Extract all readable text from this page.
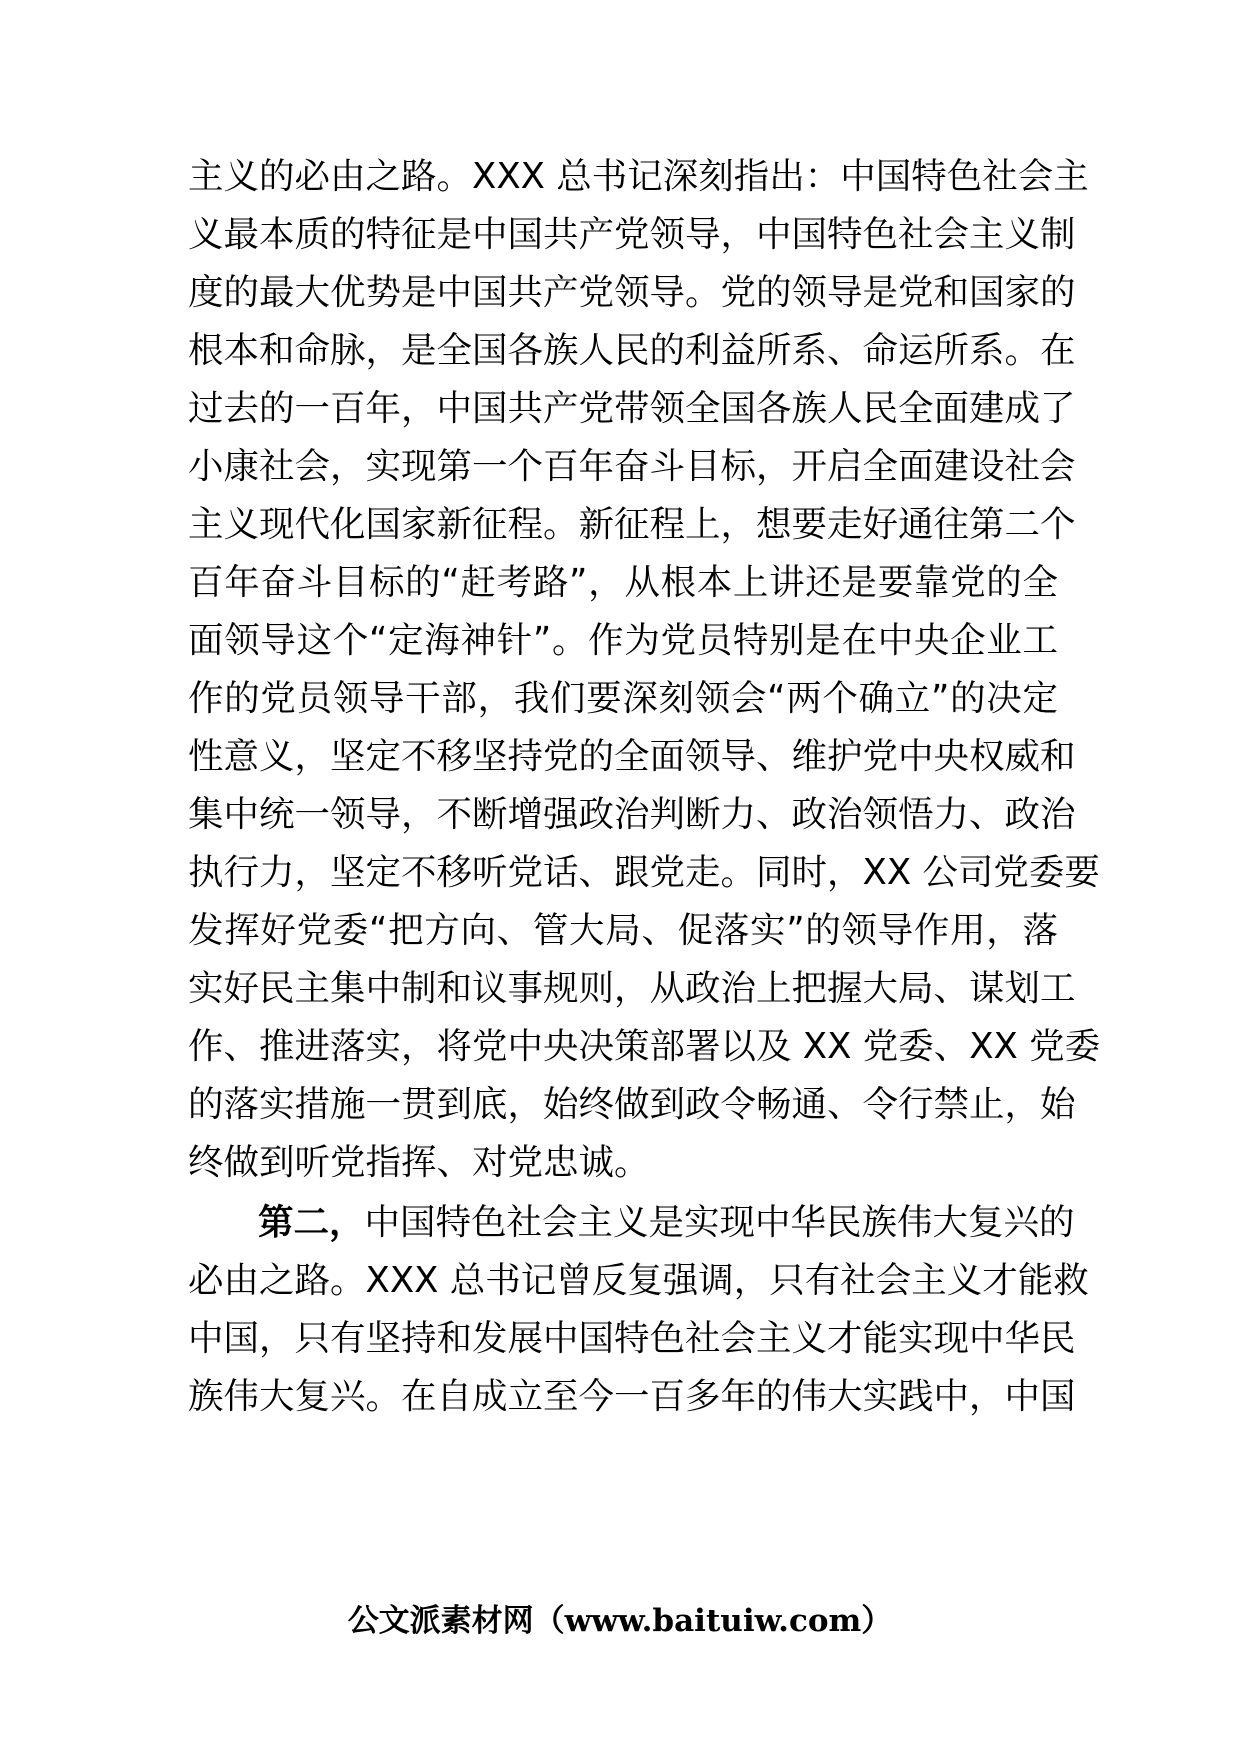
主义的必由之路。XXX 总书记深刻指出：中国特色社会主
义最本质的特征是中国共产党领导，中国特色社会主义制
度的最大优势是中国共产党领导。党的领导是党和国家的
根本和命脉，是全国各族人民的利益所系、命运所系。在
过去的一百年，中国共产党带领全国各族人民全面建成了
小康社会，实现第一个百年奋斗目标，开启全面建设社会
主义现代化国家新征程。新征程上，想要走好通往第二个
百年奋斗目标的“赶考路”，从根本上讲还是要靠党的全
面领导这个“定海神针”。作为党员特别是在中央企业工
作的党员领导干部，我们要深刻领会“两个确立”的决定
性意义，坚定不移坚持党的全面领导、维护党中央权威和
集中统一领导，不断增强政治判断力、政治领悟力、政治
执行力，坚定不移听党话、跟党走。同时，XX 公司党委要
发挥好党委“把方向、管大局、促落实”的领导作用，落
实好民主集中制和议事规则，从政治上把握大局、谋划工
作、推进落实，将党中央决策部署以及 XX 党委、XX 党委
的落实措施一贯到底，始终做到政令畅通、令行禁止，始
终做到听党指挥、对党忠诚。
第二，中国特色社会主义是实现中华民族伟大复兴的
必由之路。XXX 总书记曾反复强调，只有社会主义才能救
中国，只有坚持和发展中国特色社会主义才能实现中华民
族伟大复兴。在自成立至今一百多年的伟大实践中，中国
公文派素材网（www.baituiw.com）
